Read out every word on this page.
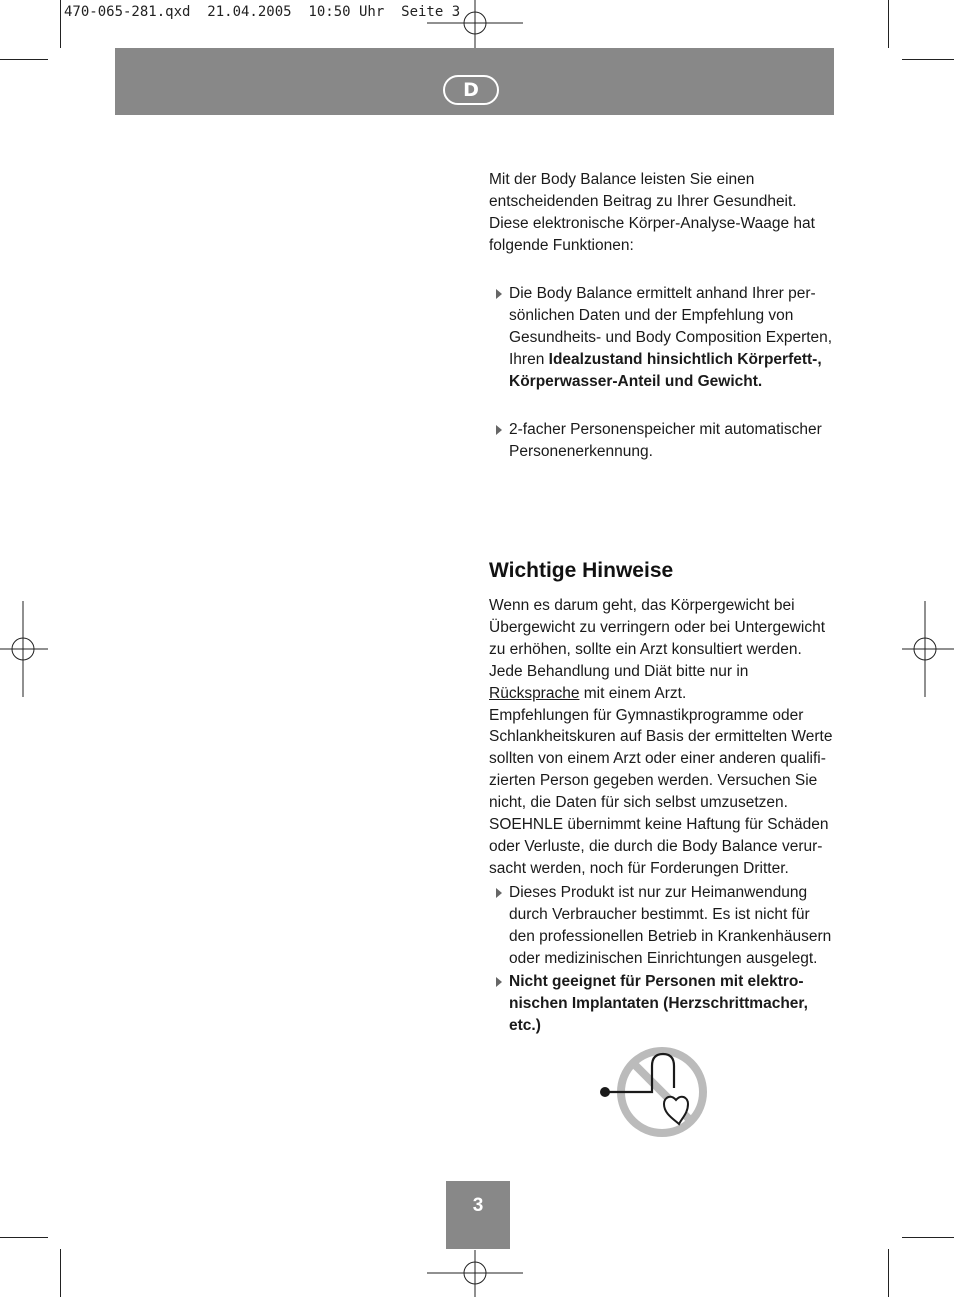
470-065-281.qxd  21.04.2005  10:50 Uhr  Seite 3
D

Mit der Body Balance leisten Sie einen entscheidenden Beitrag zu Ihrer Gesundheit. Diese elektronische Körper-Analyse-Waage hat folgende Funktionen:

Die Body Balance ermittelt anhand Ihrer per-
sönlichen Daten und der Empfehlung von
Gesundheits- und Body Composition Experten,
Ihren Idealzustand hinsichtlich Körperfett-,
Körperwasser-Anteil und Gewicht.
2-facher Personenspeicher mit automatischer
Personenerkennung.
Wichtige Hinweise
Wenn es darum geht, das Körpergewicht bei
Übergewicht zu verringern oder bei Untergewicht
zu erhöhen, sollte ein Arzt konsultiert werden.
Jede Behandlung und Diät bitte nur in
Rücksprache mit einem Arzt.
Empfehlungen für Gymnastikprogramme oder
Schlankheitskuren auf Basis der ermittelten Werte
sollten von einem Arzt oder einer anderen qualifi-
zierten Person gegeben werden. Versuchen Sie
nicht, die Daten für sich selbst umzusetzen.
SOEHNLE übernimmt keine Haftung für Schäden
oder Verluste, die durch die Body Balance verur-
sacht werden, noch für Forderungen Dritter.
Dieses Produkt ist nur zur Heimanwendung
durch Verbraucher bestimmt. Es ist nicht für
den professionellen Betrieb in Krankenhäusern
oder medizinischen Einrichtungen ausgelegt.
Nicht geeignet für Personen mit elektro-
nischen Implantaten (Herzschrittmacher,
etc.)
3
